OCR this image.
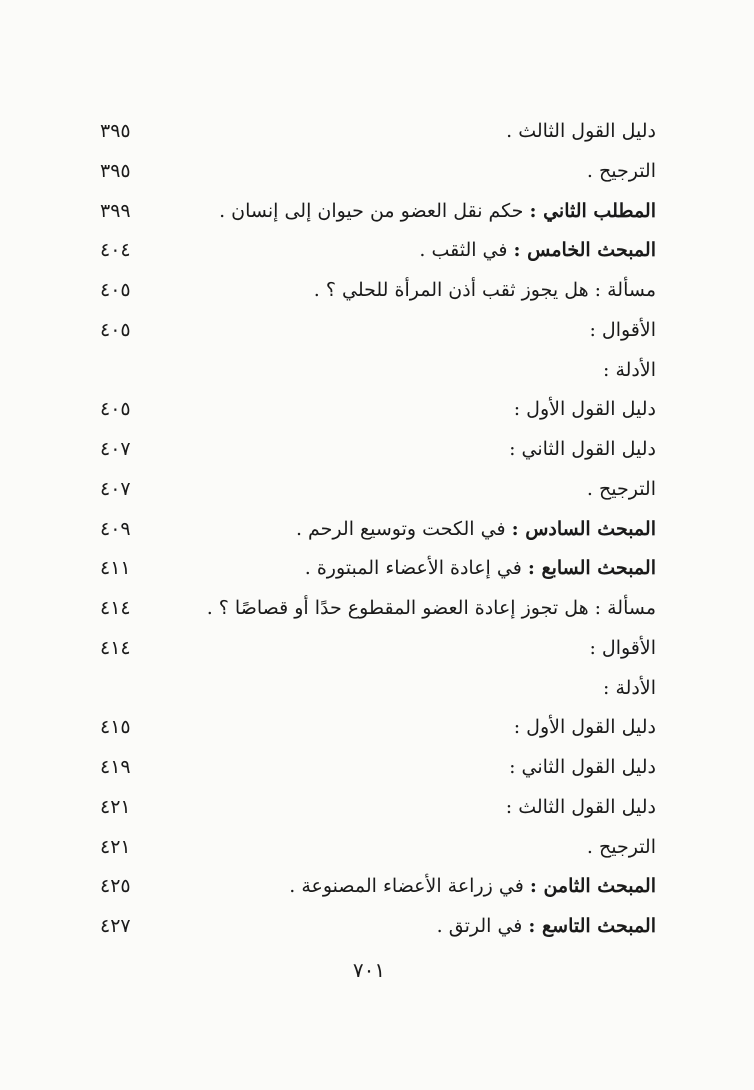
دليل القول الثالث .
٣٩٥
الترجيح .
٣٩٥
المطلب الثاني : حكم نقل العضو من حيوان إلى إنسان .
٣٩٩
المبحث الخامس : في الثقب .
٤٠٤
مسألة : هل يجوز ثقب أذن المرأة للحلي ؟ .
٤٠٥
الأقوال :
٤٠٥
الأدلة :
دليل القول الأول :
٤٠٥
دليل القول الثاني :
٤٠٧
الترجيح .
٤٠٧
المبحث السادس : في الكحت وتوسيع الرحم .
٤٠٩
المبحث السابع : في إعادة الأعضاء المبتورة .
٤١١
مسألة : هل تجوز إعادة العضو المقطوع حدًا أو قصاصًا ؟ .
٤١٤
الأقوال :
٤١٤
الأدلة :
دليل القول الأول :
٤١٥
دليل القول الثاني :
٤١٩
دليل القول الثالث :
٤٢١
الترجيح .
٤٢١
المبحث الثامن : في زراعة الأعضاء المصنوعة .
٤٢٥
المبحث التاسع : في الرتق .
٤٢٧
٧٠١
